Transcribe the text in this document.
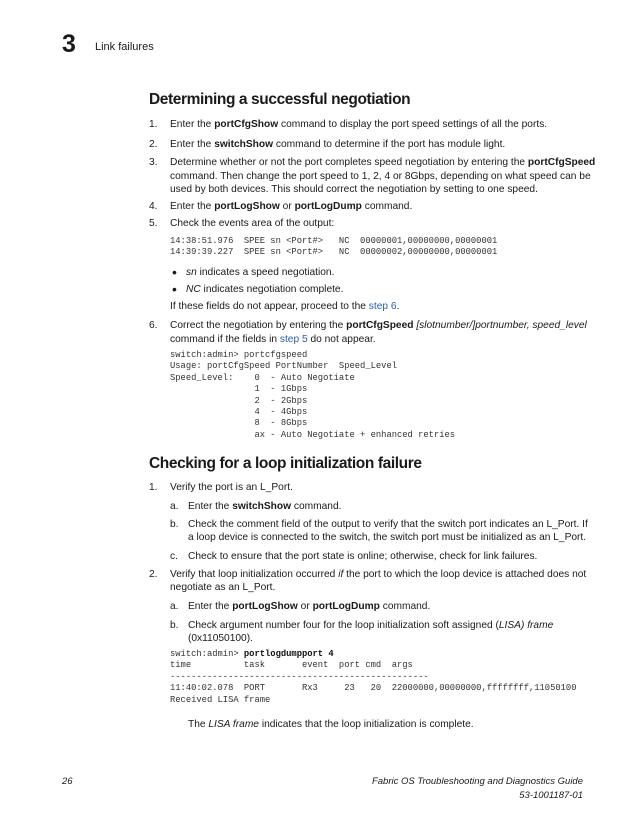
3 Link failures
Determining a successful negotiation
1. Enter the portCfgShow command to display the port speed settings of all the ports.
2. Enter the switchShow command to determine if the port has module light.
3. Determine whether or not the port completes speed negotiation by entering the portCfgSpeed
command. Then change the port speed to 1, 2, 4 or 8Gbps, depending on what speed can be
used by both devices. This should correct the negotiation by setting to one speed.
4. Enter the portLogShow or portLogDump command.
5. Check the events area of the output:
14:38:51.976  SPEE sn <Port#>   NC  00000001,00000000,00000001
14:39:39.227  SPEE sn <Port#>   NC  00000002,00000000,00000001
• sn indicates a speed negotiation.
• NC indicates negotiation complete.
If these fields do not appear, proceed to the step 6.
6. Correct the negotiation by entering the portCfgSpeed [slotnumber/]portnumber, speed_level
command if the fields in step 5 do not appear.
switch:admin> portcfgspeed
Usage: portCfgSpeed PortNumber  Speed_Level
Speed_Level:    0  - Auto Negotiate
1  - 1Gbps
2  - 2Gbps
4  - 4Gbps
8  - 8Gbps
ax - Auto Negotiate + enhanced retries
Checking for a loop initialization failure
1. Verify the port is an L_Port.
a. Enter the switchShow command.
b. Check the comment field of the output to verify that the switch port indicates an L_Port. If
a loop device is connected to the switch, the switch port must be initialized as an L_Port.
c. Check to ensure that the port state is online; otherwise, check for link failures.
2. Verify that loop initialization occurred if the port to which the loop device is attached does not
negotiate as an L_Port.
a. Enter the portLogShow or portLogDump command.
b. Check argument number four for the loop initialization soft assigned (LISA) frame
(0x11050100).
switch:admin> portlogdumpport 4
time          task       event  port cmd  args
-------------------------------------------------
11:40:02.078  PORT       Rx3     23   20  22000000,00000000,ffffffff,11050100
Received LISA frame
The LISA frame indicates that the loop initialization is complete.
26	Fabric OS Troubleshooting and Diagnostics Guide
53-1001187-01
